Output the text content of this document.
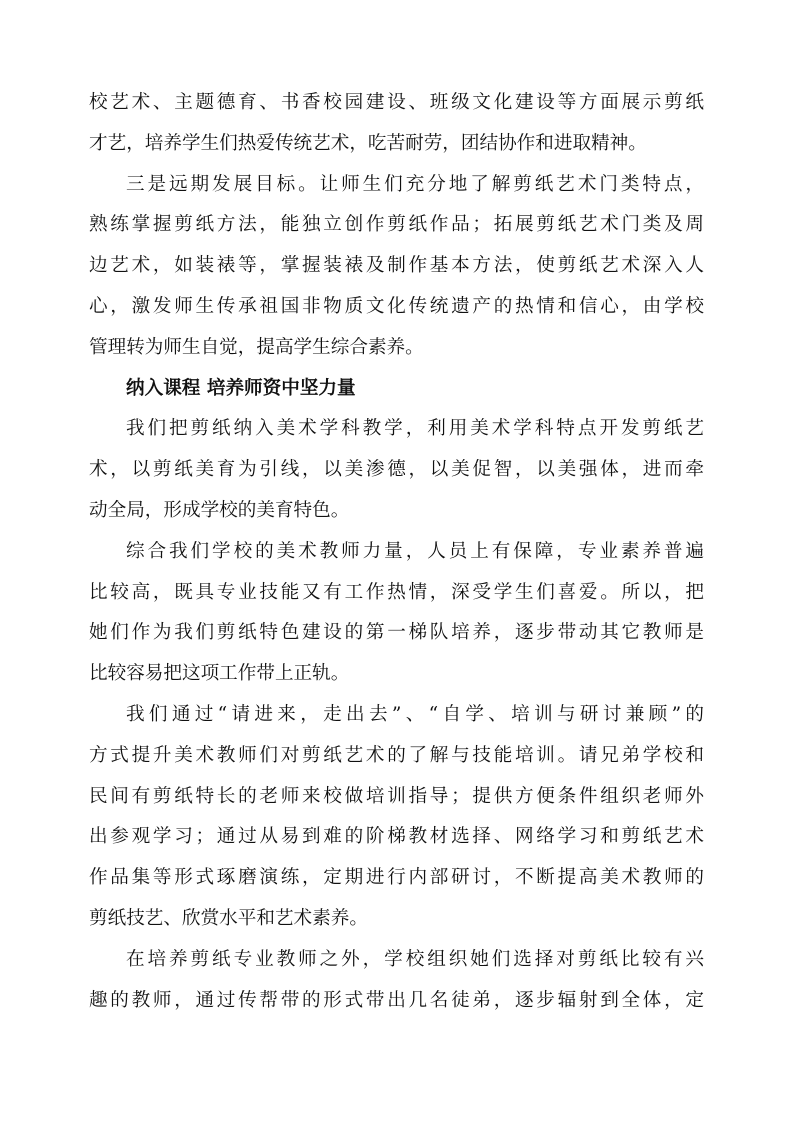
校艺术、主题德育、书香校园建设、班级文化建设等方面展示剪纸
才艺，培养学生们热爱传统艺术，吃苦耐劳，团结协作和进取精神。
三是远期发展目标。让师生们充分地了解剪纸艺术门类特点，
熟练掌握剪纸方法，能独立创作剪纸作品；拓展剪纸艺术门类及周
边艺术，如装裱等，掌握装裱及制作基本方法，使剪纸艺术深入人
心，激发师生传承祖国非物质文化传统遗产的热情和信心，由学校
管理转为师生自觉，提高学生综合素养。
纳入课程 培养师资中坚力量
我们把剪纸纳入美术学科教学，利用美术学科特点开发剪纸艺
术，以剪纸美育为引线，以美渗德，以美促智，以美强体，进而牵
动全局，形成学校的美育特色。
综合我们学校的美术教师力量，人员上有保障，专业素养普遍
比较高，既具专业技能又有工作热情，深受学生们喜爱。所以，把
她们作为我们剪纸特色建设的第一梯队培养，逐步带动其它教师是
比较容易把这项工作带上正轨。
我们通过“请进来，走出去”、“自学、培训与研讨兼顾”的
方式提升美术教师们对剪纸艺术的了解与技能培训。请兄弟学校和
民间有剪纸特长的老师来校做培训指导；提供方便条件组织老师外
出参观学习；通过从易到难的阶梯教材选择、网络学习和剪纸艺术
作品集等形式琢磨演练，定期进行内部研讨，不断提高美术教师的
剪纸技艺、欣赏水平和艺术素养。
在培养剪纸专业教师之外，学校组织她们选择对剪纸比较有兴
趣的教师，通过传帮带的形式带出几名徒弟，逐步辐射到全体，定
